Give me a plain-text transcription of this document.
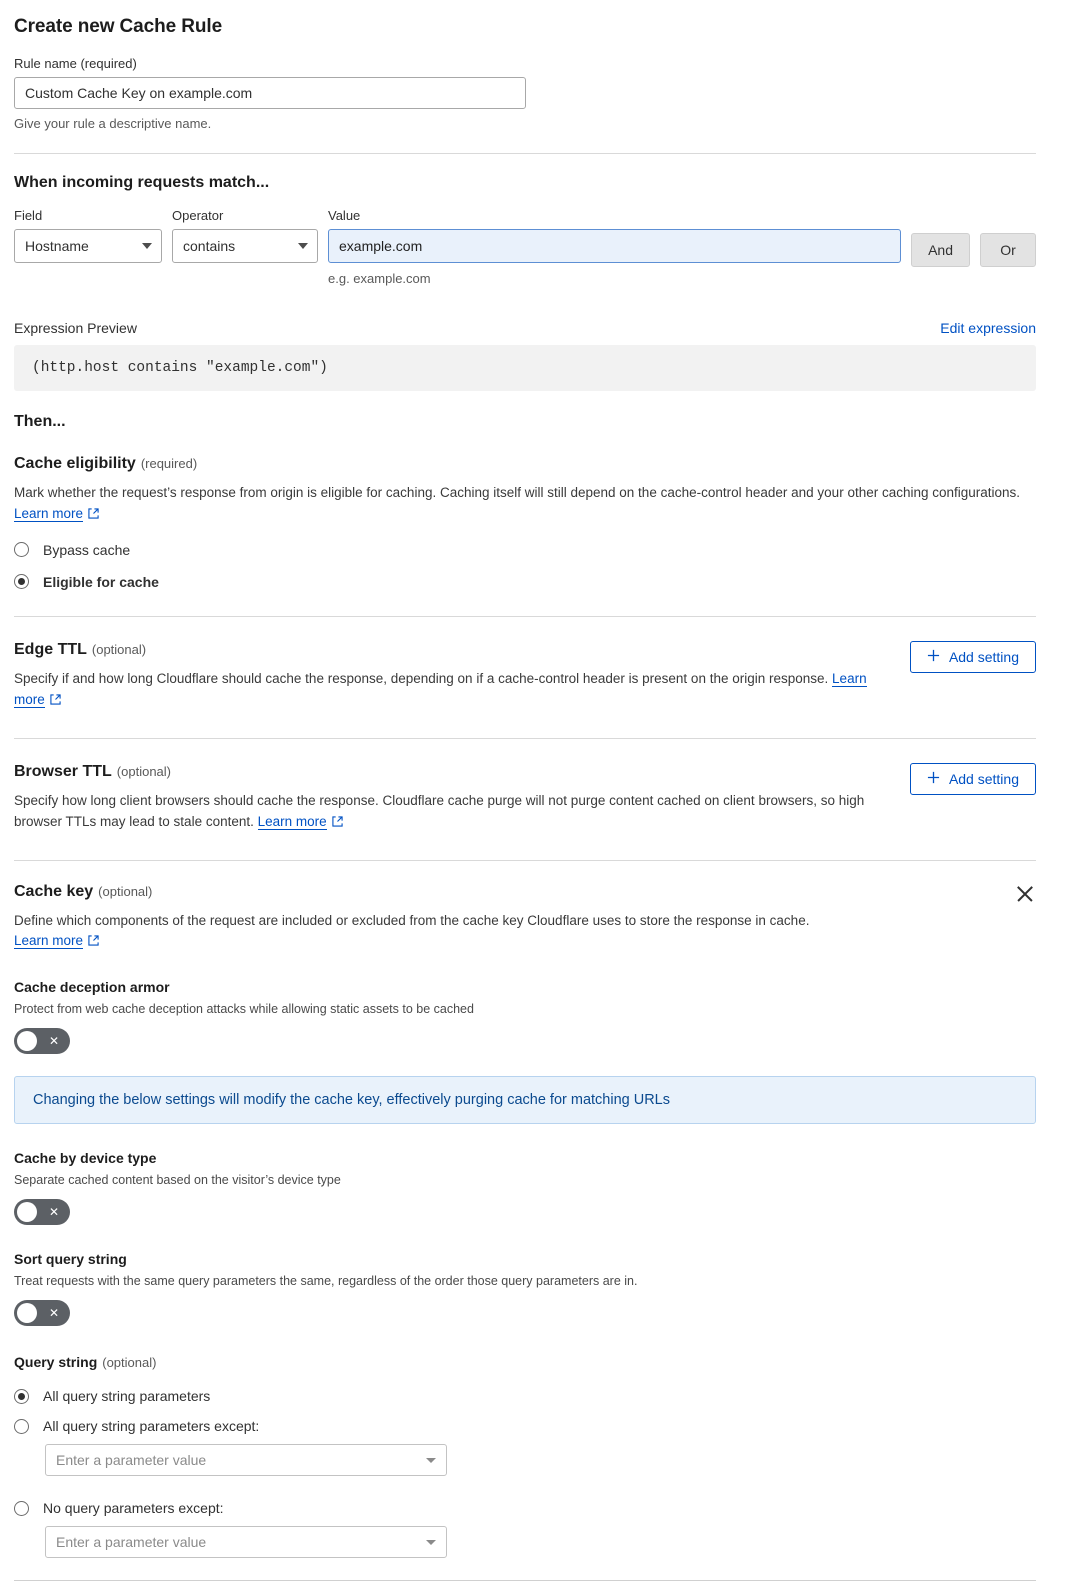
Create new Cache Rule
Rule name (required)
Custom Cache Key on example.com
Give your rule a descriptive name.
When incoming requests match...
Field
Hostname
Operator
contains
Value
example.com
e.g. example.com
And	Or
Expression Preview	Edit expression
(http.host contains "example.com")
Then...
Cache eligibility (required)
Mark whether the request’s response from origin is eligible for caching. Caching itself will still depend on the cache-control header and your other caching configurations. Learn more
Bypass cache
Eligible for cache
Edge TTL (optional)
Specify if and how long Cloudflare should cache the response, depending on if a cache-control header is present on the origin response. Learn more
Add setting
Browser TTL (optional)
Specify how long client browsers should cache the response. Cloudflare cache purge will not purge content cached on client browsers, so high browser TTLs may lead to stale content. Learn more
Add setting
Cache key (optional)
Define which components of the request are included or excluded from the cache key Cloudflare uses to store the response in cache.
Learn more
Cache deception armor
Protect from web cache deception attacks while allowing static assets to be cached
✕
Changing the below settings will modify the cache key, effectively purging cache for matching URLs
Cache by device type
Separate cached content based on the visitor’s device type
✕
Sort query string
Treat requests with the same query parameters the same, regardless of the order those query parameters are in.
✕
Query string (optional)
All query string parameters
All query string parameters except:
Enter a parameter value
No query parameters except:
Enter a parameter value
